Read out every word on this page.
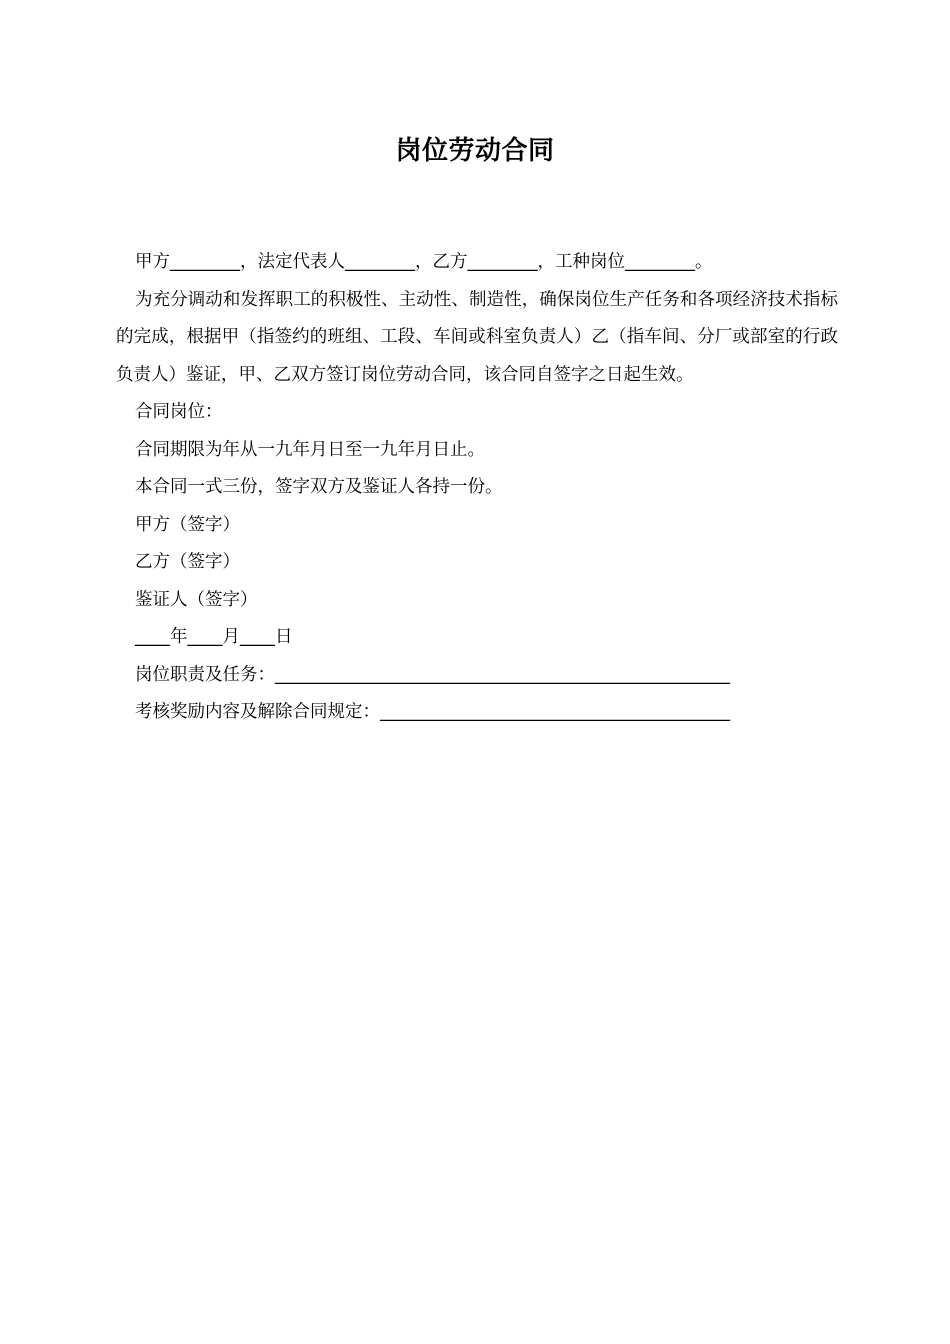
岗位劳动合同

甲方________，法定代表人________，乙方________，工种岗位________。

为充分调动和发挥职工的积极性、主动性、制造性，确保岗位生产任务和各项经济技术指标的完成，根据甲（指签约的班组、工段、车间或科室负责人）乙（指车间、分厂或部室的行政负责人）鉴证，甲、乙双方签订岗位劳动合同，该合同自签字之日起生效。

合同岗位：

合同期限为年从一九年月日至一九年月日止。

本合同一式三份，签字双方及鉴证人各持一份。

甲方（签字）

乙方（签字）

鉴证人（签字）

____年____月____日

岗位职责及任务：____________________________________________________

考核奖励内容及解除合同规定：________________________________________
